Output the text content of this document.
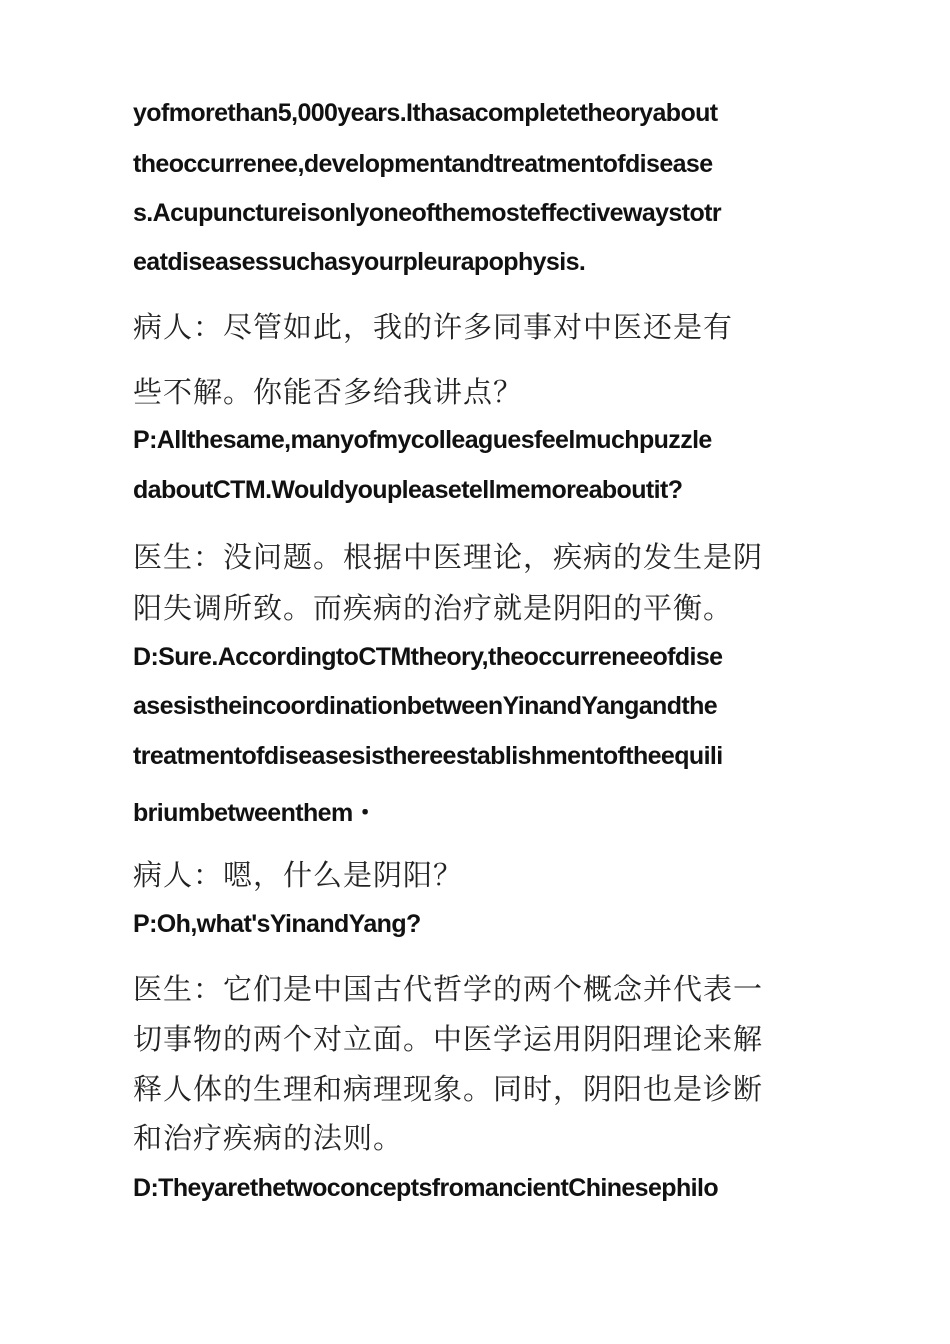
yofmorethan5,000years.Ithasacompletetheoryabout
theoccurrenee,developmentandtreatmentofdisease
s.Acupunctureisonlyoneofthemosteffectivewaystotr
eatdiseasessuchasyourpleurapophysis.
病人：尽管如此，我的许多同事对中医还是有
些不解。你能否多给我讲点？
P:Allthesame,manyofmycolleaguesfeelmuchpuzzle
daboutCTM.Wouldyoupleasetellmemoreaboutit?
医生：没问题。根据中医理论，疾病的发生是阴
阳失调所致。而疾病的治疗就是阴阳的平衡。
D:Sure.AccordingtoCTMtheory,theoccurreneeofdise
asesistheincoordinationbetweenYinandYangandthe
treatmentofdiseasesisthereestablishmentoftheequili
briumbetweenthem・
病人：嗯，什么是阴阳？
P:Oh,what'sYinandYang?
医生：它们是中国古代哲学的两个概念并代表一
切事物的两个对立面。中医学运用阴阳理论来解
释人体的生理和病理现象。同时，阴阳也是诊断
和治疗疾病的法则。
D:TheyarethetwoconceptsfromancientChinesephilo
